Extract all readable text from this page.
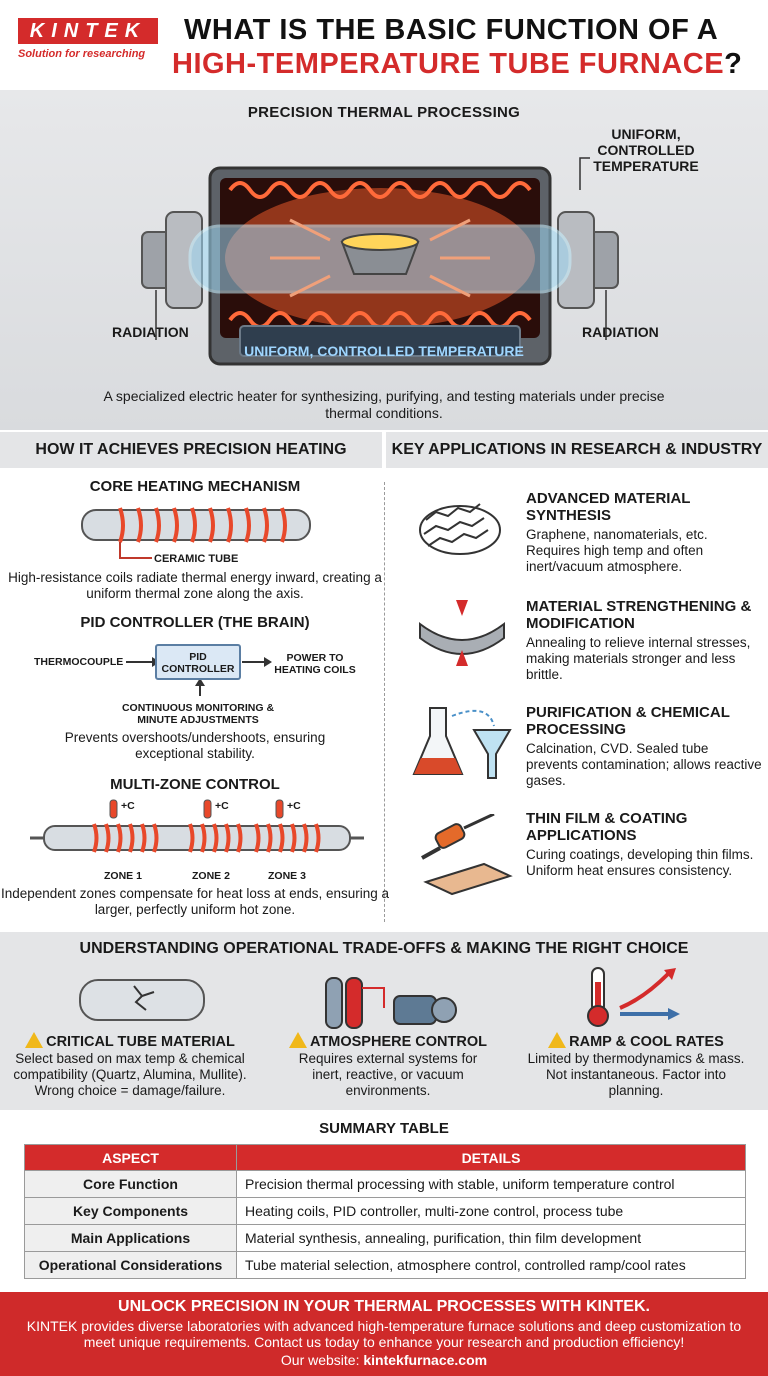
KINTEK
Solution for researching
WHAT IS THE BASIC FUNCTION OF A
HIGH-TEMPERATURE TUBE FURNACE?
PRECISION THERMAL PROCESSING
UNIFORM, CONTROLLED TEMPERATURE
RADIATION	RADIATION
UNIFORM, CONTROLLED TEMPERATURE
A specialized electric heater for synthesizing, purifying, and testing materials under precise thermal conditions.
HOW IT ACHIEVES PRECISION HEATING	KEY APPLICATIONS IN RESEARCH & INDUSTRY
CORE HEATING MECHANISM
CERAMIC TUBE
High-resistance coils radiate thermal energy inward, creating a uniform thermal zone along the axis.
PID CONTROLLER (THE BRAIN)
THERMOCOUPLE	PID CONTROLLER
POWER TO HEATING COILS
CONTINUOUS MONITORING & MINUTE ADJUSTMENTS
Prevents overshoots/undershoots, ensuring exceptional stability.
MULTI-ZONE CONTROL
+C	+C	+C
ZONE 1	ZONE 2	ZONE 3
Independent zones compensate for heat loss at ends, ensuring a larger, perfectly uniform hot zone.
ADVANCED MATERIAL SYNTHESIS
Graphene, nanomaterials, etc. Requires high temp and often inert/vacuum atmosphere.
MATERIAL STRENGTHENING & MODIFICATION
Annealing to relieve internal stresses, making materials stronger and less brittle.
PURIFICATION & CHEMICAL PROCESSING
Calcination, CVD. Sealed tube prevents contamination; allows reactive gases.
THIN FILM & COATING APPLICATIONS
Curing coatings, developing thin films. Uniform heat ensures consistency.
UNDERSTANDING OPERATIONAL TRADE-OFFS & MAKING THE RIGHT CHOICE
CRITICAL TUBE MATERIAL
Select based on max temp & chemical compatibility (Quartz, Alumina, Mullite). Wrong choice = damage/failure.
ATMOSPHERE CONTROL
Requires external systems for inert, reactive, or vacuum environments.
RAMP & COOL RATES
Limited by thermodynamics & mass. Not instantaneous. Factor into planning.
SUMMARY TABLE
ASPECT	DETAILS
Core Function	Precision thermal processing with stable, uniform temperature control
Key Components	Heating coils, PID controller, multi-zone control, process tube
Main Applications	Material synthesis, annealing, purification, thin film development
Operational Considerations	Tube material selection, atmosphere control, controlled ramp/cool rates
UNLOCK PRECISION IN YOUR THERMAL PROCESSES WITH KINTEK.
KINTEK provides diverse laboratories with advanced high-temperature furnace solutions and deep customization to meet unique requirements. Contact us today to enhance your research and production efficiency!
Our website: kintekfurnace.com
